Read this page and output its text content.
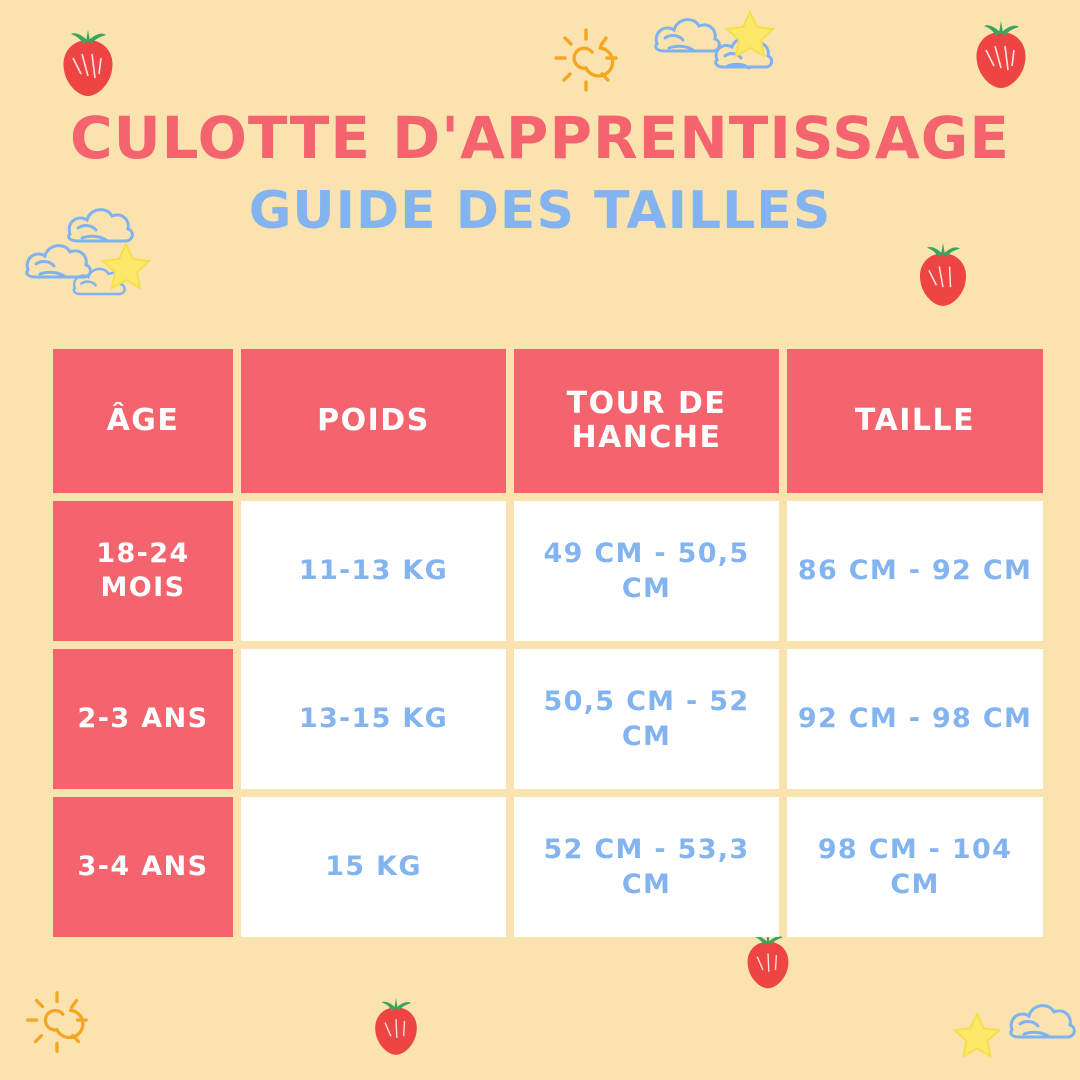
CULOTTE D'APPRENTISSAGE
GUIDE DES TAILLES
ÂGE	POIDS	TOUR DE HANCHE	TAILLE

18-24 MOIS	11-13 KG	49 CM - 50,5 CM	86 CM - 92 CM

2-3 ANS	13-15 KG	50,5 CM - 52 CM	92 CM - 98 CM

3-4 ANS	15 KG	52 CM - 53,3 CM	98 CM - 104 CM
